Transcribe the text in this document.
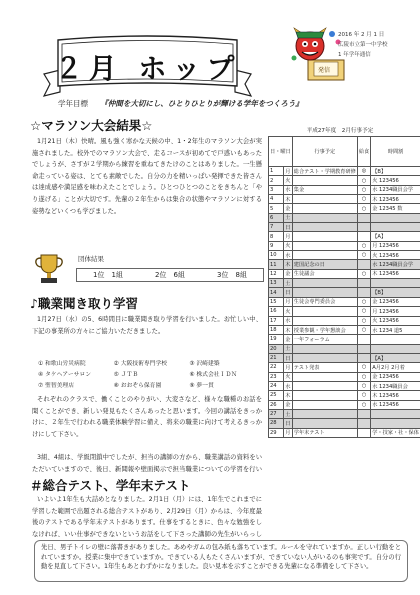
２月 ホップ	発信
2016 年 2 月 1 日
広陵市立第一中学校
1 年学年通信
学年目標 『仲間を大切にし、ひとりひとりが輝ける学年をつくろう』
☆マラソン大会結果☆
1月21日（木）快晴。風も強く寒かな天候の中、1・2年生のマラソン大会が実施されました。校外でのマラソン大会で、走るコースが初めてで戸惑いもあったでしょうが、さすが２学期から練習を重ねてきたけのことはありました。一生懸命走っている姿は、とても素敵でした。自分の力を精いっぱい発揮できた皆さんは達成感や満足感を味わえたことでしょう。ひとつひとつのことをきちんと「やり遂げる」ことが大切です。先輩の２年生からは集合の状態やマラソンに対する姿勢などいくつも学びました。
団体結果
1位　1組	2位　6組	3位　8組
♪職業聞き取り学習
1月27日（水）の5、6時間目に職業聞き取り学習を行いました。お忙しい中、下記の事業所の方々にご協力いただきました。
① 和歌山労災病院	② 大阪技術専門学校	③ 沢崎建築
④ タケヘアーサロン	⑤ ＪＴＢ	⑥ 株式会社ＩＤＮ
⑦ 聖智美理店	⑧ おおぞら保育園	⑨ 夢一貫
それぞれのクラスで、働くことのやりがい、大変さなど、様々な職種のお話を聞くことができ、新しい発見もたくさんあったと思います。今回の講話をきっかけに、２年生で行われる職業体験学習に備え、将来の職業に向けて考えるきっかけにして下さい。
3組、4組は、学級閉鎖中でしたが、担当の講師の方から、職業講話の資料をいただいていますので、後日、新聞報や壁面掲示で担当職業についての学習を行い
平成27年度　2月行事予定
日・曜日		行事予定	給食	時間割
1	月	総合テスト・学期教育研修	◎	【B】
2	火		○	火 123456
3	水	集金	○	水 1234職員会学
4	木		○	木 123456
5	金		○	金 12345 数
6	土			
7	日			
8	月			【A】
9	火		○	月 123456
10	水		○	火 123456
11	木	建国記念の日		水 1234職員会学
12	金	生徒議会	○	木 123456
13	土			
14	日			【B】
15	月	生徒会専門委員会	○	金 123456
16	火		○	月 123456
17	水		○	火 123456
18	木	授業参観・学年懇談会	○	水 1234 道5
19	金	一年フォーラム		
20	土			
21	日			【A】
22	月	テスト発表	○	A月2月 2月着
23	火		○	金 123456
24	水		○	水 1234職員会
25	木		○	木 123456
26	金		○	水 123456
27	土			
28	日			
29	月	学年末テスト		学・技家・社・保体
先日、男子トイレの壁に落書きがありました。あめやガムの包み紙も落ちています。ルールを守れていますか。正しい行動をとれていますか。授業に集中できていますか。できている人もたくさんいますが、できていない人がいるのも事実です。自分の行動を見直して下さい。1年生もあとわずかになりました。良い見本を示すことができる先輩になる準備をして下さい。
＃総合テスト、学年末テスト
いよいよ1年生も大詰めとなりました。2月1日（月）には、1年生でこれまでに学習した範囲で出題される総合テストがあり、2月29日（月）からは、今年度最後のテストである学年末テストがあります。仕事をするときに、色々な勉強をしなければ、いい仕事ができないというお話をして下さった講師の先生がいらっし
